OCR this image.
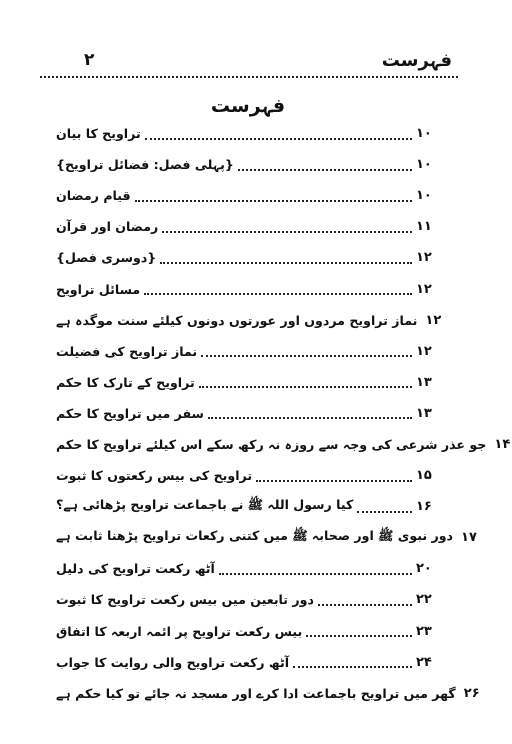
فہرست
۲
فہرست
تراویح کا بیان	۱۰
{پہلی فصل: فضائل تراویح}	۱۰
قیام رمضان	۱۰
رمضان اور قرآن	۱۱
{دوسری فصل}	۱۲
مسائل تراویح	۱۲
نماز تراویح مردوں اور عورتوں دونوں کیلئے سنت موگدہ ہے ۱۲
نماز تراویح کی فضیلت	۱۲
تراویح کے تارک کا حکم	۱۳
سفر میں تراویح کا حکم	۱۳
جو عذر شرعی کی وجہ سے روزہ نہ رکھ سکے اس کیلئے تراویح کا حکم ۱۴
تراویح کی بیس رکعتوں کا ثبوت	۱۵
کیا رسول اللہ ﷺ نے باجماعت تراویح پڑھائی ہے؟	۱۶
دور نبوی ﷺ اور صحابہ ﷺ میں کتنی رکعات تراویح پڑھنا ثابت ہے ۱۷
آٹھ رکعت تراویح کی دلیل	۲۰
دور تابعین میں بیس رکعت تراویح کا ثبوت	۲۲
بیس رکعت تراویح پر ائمہ اربعہ کا اتفاق	۲۳
آٹھ رکعت تراویح والی روایت کا جواب	۲۴
گھر میں تراویح باجماعت ادا کرے اور مسجد نہ جائے تو کیا حکم ہے ۲۶
